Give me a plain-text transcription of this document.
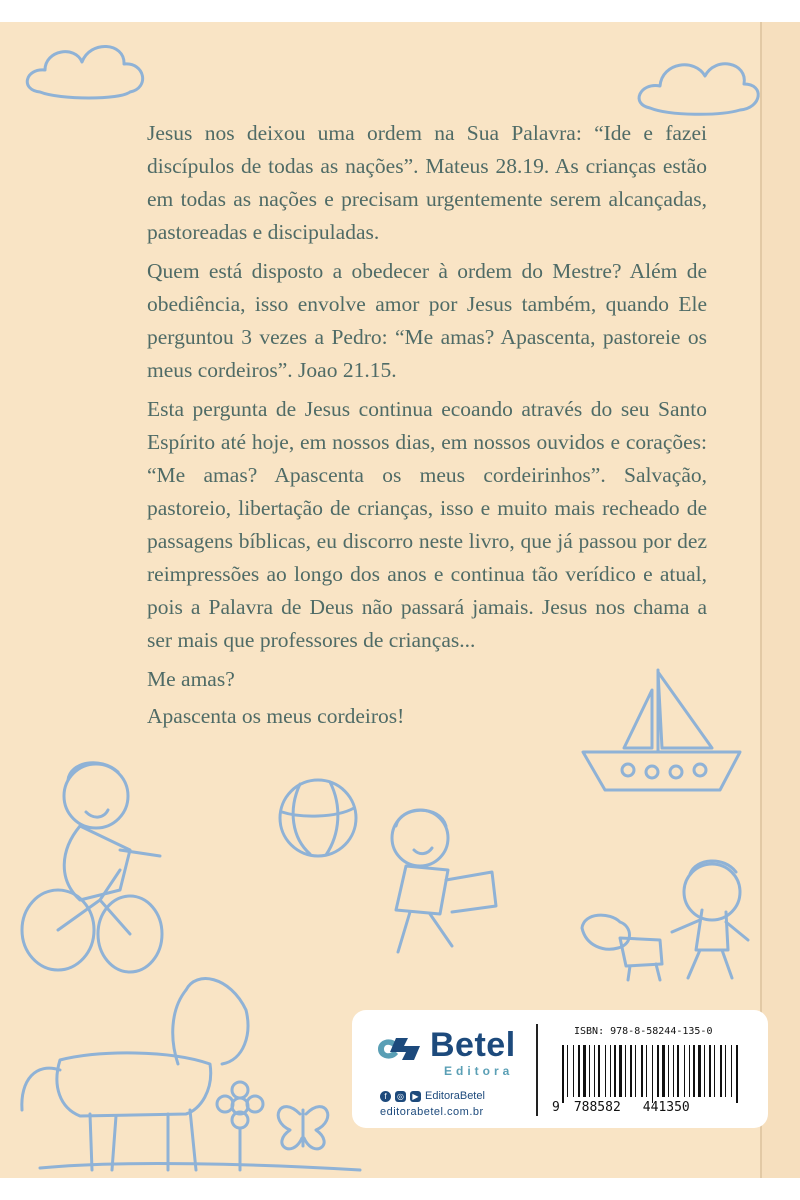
Jesus nos deixou uma ordem na Sua Palavra: “Ide e fazei discípulos de todas as nações”. Mateus 28.19. As crianças estão em todas as nações e precisam urgentemente serem alcançadas, pastoreadas e discipuladas.

Quem está disposto a obedecer à ordem do Mestre? Além de obediência, isso envolve amor por Jesus também, quando Ele perguntou 3 vezes a Pedro: “Me amas? Apascenta, pastoreie os meus cordeiros”. Joao 21.15.

Esta pergunta de Jesus continua ecoando através do seu Santo Espírito até hoje, em nossos dias, em nossos ouvidos e corações: “Me amas? Apascenta os meus cordeirinhos”. Salvação, pastoreio, libertação de crianças, isso e muito mais recheado de passagens bíblicas, eu discorro neste livro, que já passou por dez reimpressões ao longo dos anos e continua tão verídico e atual, pois a Palavra de Deus não passará jamais. Jesus nos chama a ser mais que professores de crianças...

Me amas?

Apascenta os meus cordeiros!

Betel
Editora
f	◎	▶ EditoraBetel
editorabetel.com.br
ISBN: 978-8-58244-135-0
9 788582 441350
